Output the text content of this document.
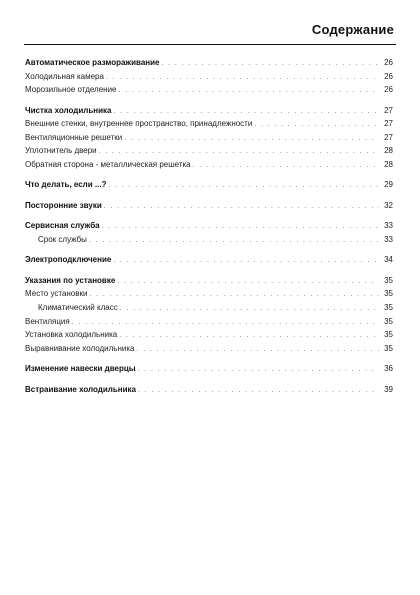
Содержание
Автоматическое размораживание . . .	26
Холодильная камера . . .	26
Морозильное отделение . . .	26
Чистка холодильника . . .	27
Внешние стенки, внутреннее пространство, принадлежности . . .	27
Вентиляционные решетки . . .	27
Уплотнитель двери . . .	28
Обратная сторона - металлическая решетка . . .	28
Что делать, если ...? . . .	29
Посторонние звуки . . .	32
Сервисная служба . . .	33
Срок службы . . .	33
Электроподключение . . .	34
Указания по установке . . .	35
Место установки . . .	35
Климатический класс . . .	35
Вентиляция . . .	35
Установка холодильника . . .	35
Выравнивание холодильника . . .	35
Изменение навески дверцы . . .	36
Встраивание холодильника . . .	39
